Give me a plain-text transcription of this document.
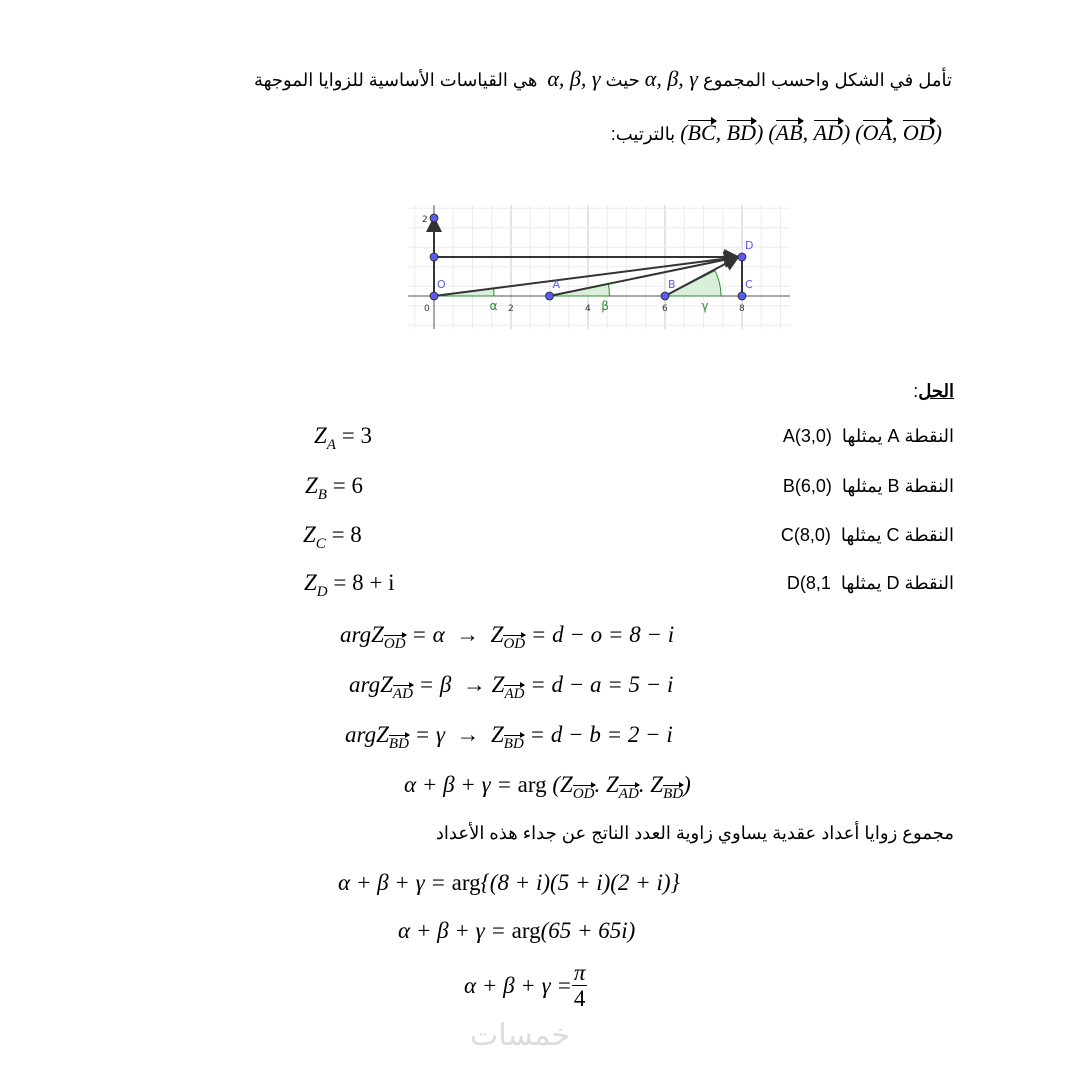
تأمل في الشكل واحسب المجموع α, β, γ حيث α, β, γ  هي القياسات الأساسية للزوايا الموجهة
(OA, OD) (AB, AD) (BC, BD) بالترتيب:
α	β	γ
0	2	4	6	8
2
O	A	B	C
D
الحل:
النقطة A يمثلها  A(3,0)
$Z_A = 3$
النقطة B يمثلها  B(6,0)
$Z_B = 6$
النقطة C يمثلها  C(8,0)
$Z_C = 8$
النقطة D يمثلها  D(8,1
$Z_D = 8 + i$
argZ$_{OD}$ = $\alpha \to Z_{OD} = d - o = 8 - i$
argZ$_{AD}$ = $\beta \to Z_{AD} = d - a = 5 - i$
argZ$_{BD}$ = $\gamma \to Z_{BD} = d - b = 2 - i$
α + β + γ = arg ($Z_{OD}$. $Z_{AD}$. $Z_{BD}$)
مجموع زوايا أعداد عقدية يساوي زاوية العدد الناتج عن جداء هذه الأعداد
α + β + γ = arg{(8 + i)(5 + i)(2 + i)}
α + β + γ = arg(65 + 65i)
$\alpha + \beta + \gamma = \frac{\pi}{4}$
خمسات
